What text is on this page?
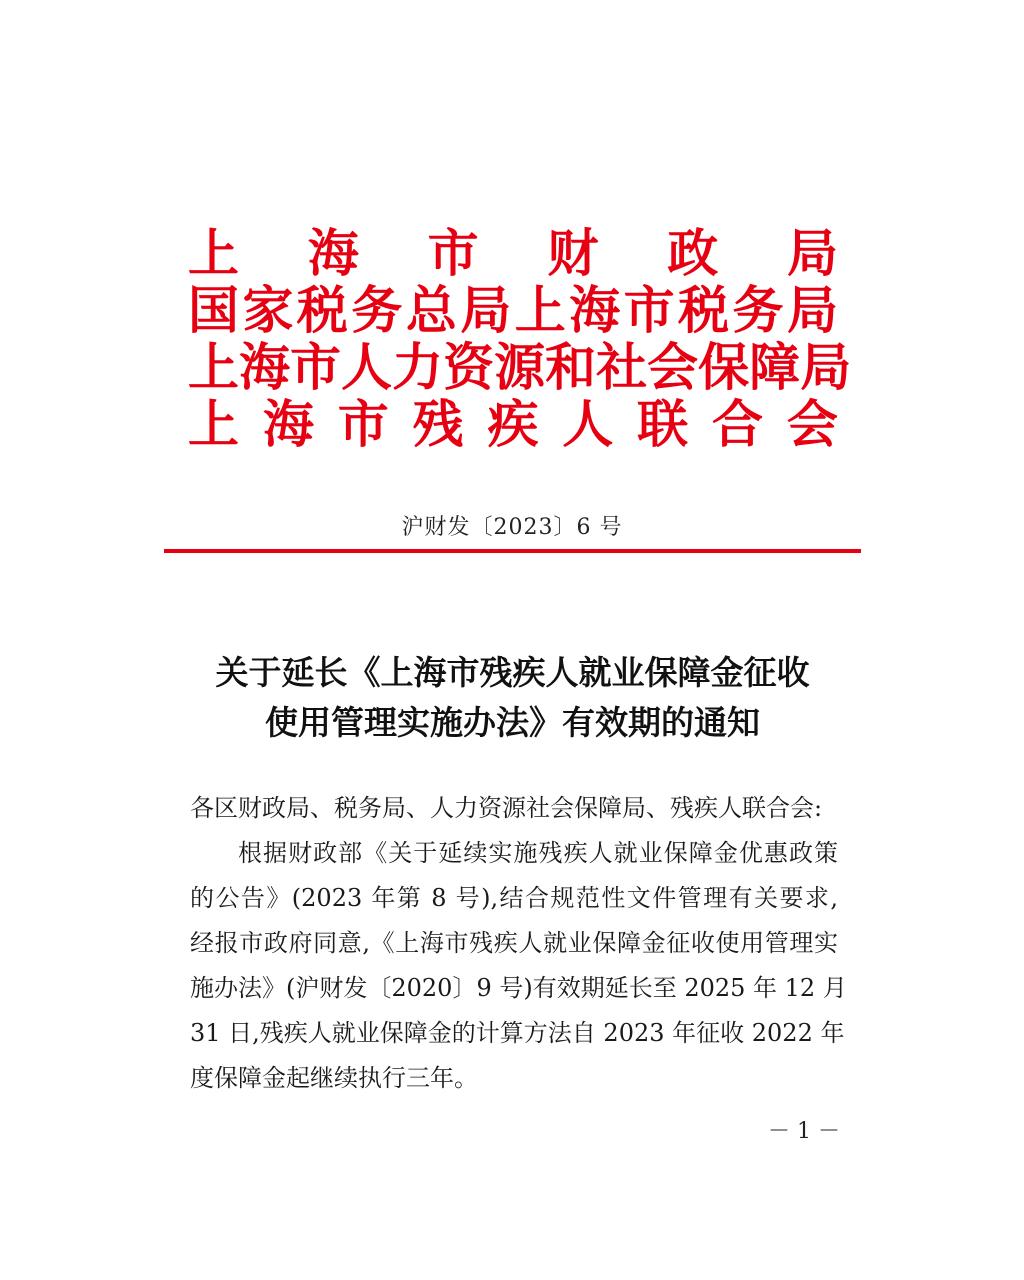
上 海 市 财 政 局
国 家 税 务 总 局 上 海 市 税 务 局
上 海 市 人 力 资 源 和 社 会 保 障 局
上 海 市 残 疾 人 联 合 会
沪财发〔2023〕6 号
关于延长《上海市残疾人就业保障金征收
使用管理实施办法》有效期的通知
各区财政局、税务局、人力资源社会保障局、残疾人联合会:
根据财政部《关于延续实施残疾人就业保障金优惠政策
的公告》(2023 年第 8 号),结合规范性文件管理有关要求,
经报市政府同意,《上海市残疾人就业保障金征收使用管理实
施办法》(沪财发〔2020〕9 号)有效期延长至 2025 年 12 月
31 日,残疾人就业保障金的计算方法自 2023 年征收 2022 年
度保障金起继续执行三年。
－ 1 －
